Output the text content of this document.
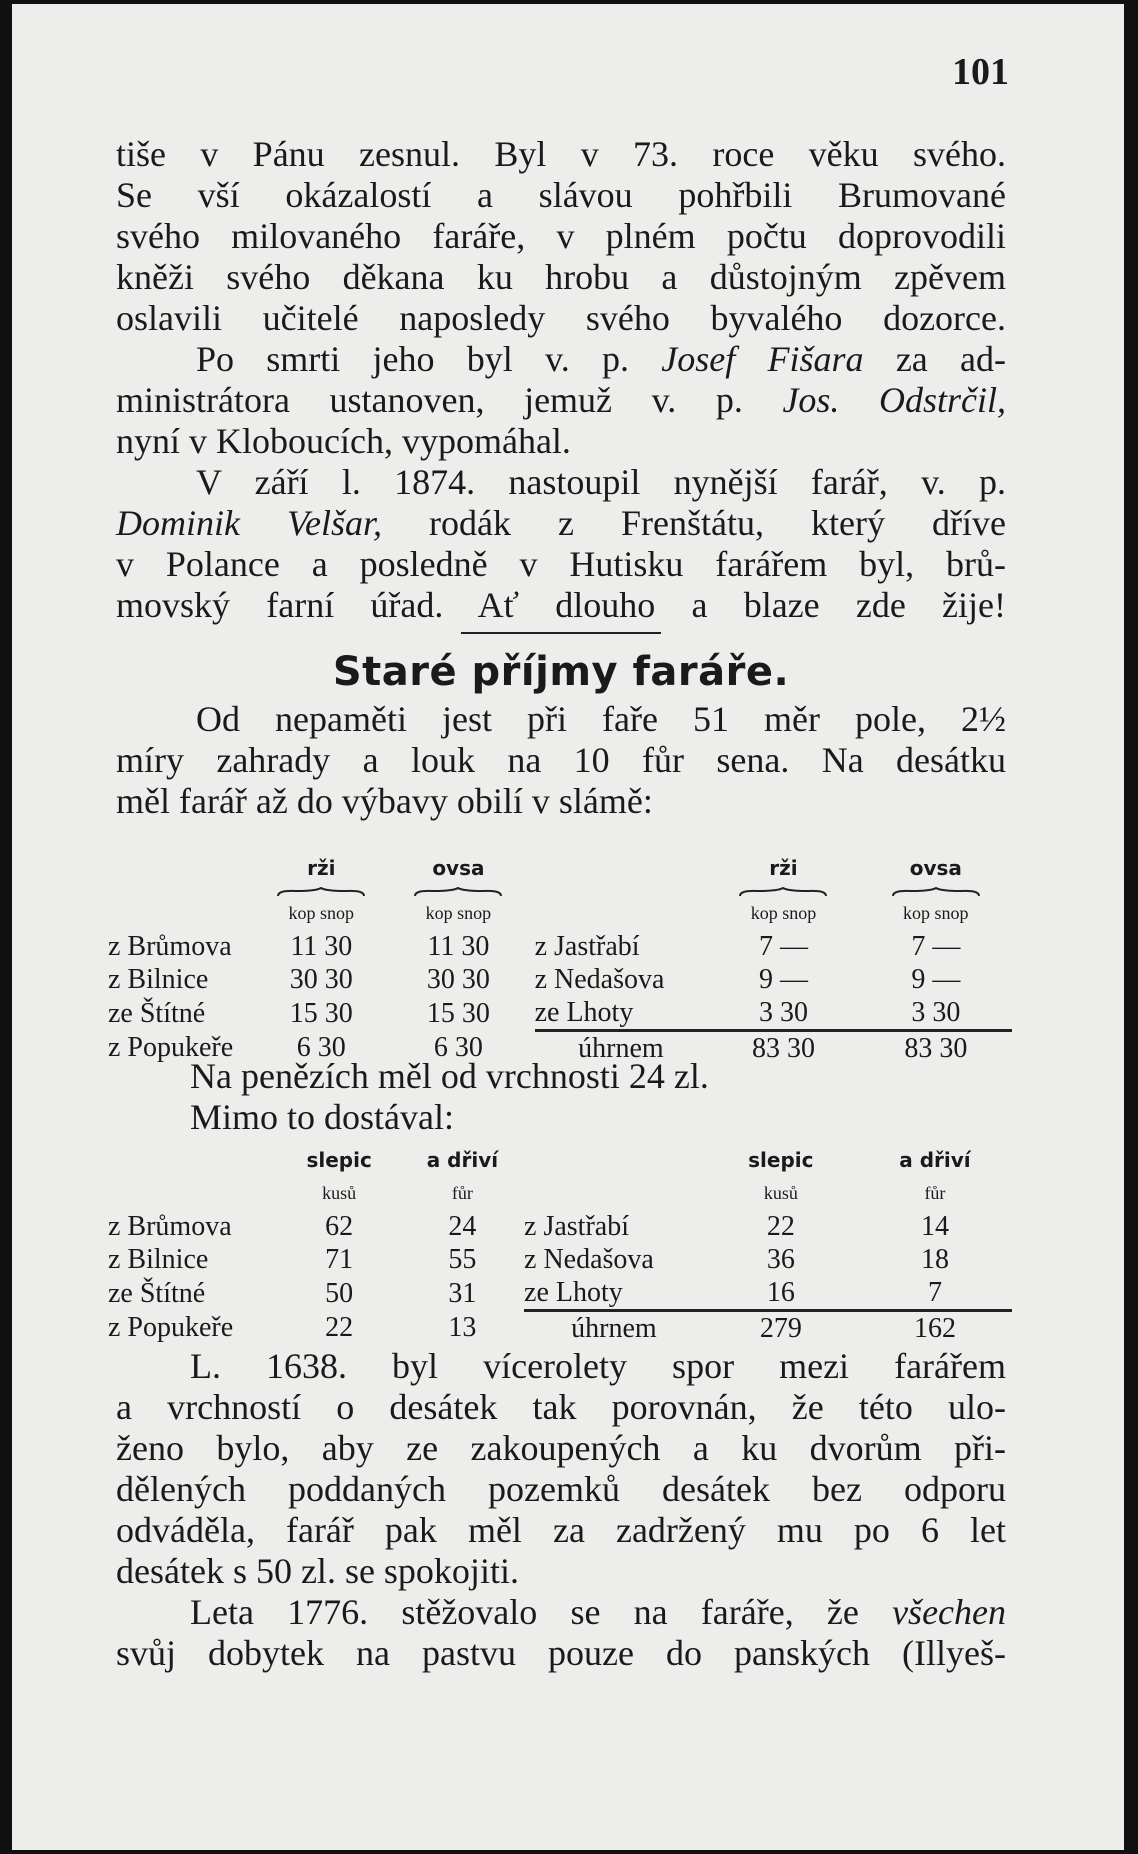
101
tiše v Pánu zesnul. Byl v 73. roce věku svého.
Se vší okázalostí a slávou pohřbili Brumované
svého milovaného faráře, v plném počtu doprovodili
kněži svého děkana ku hrobu a důstojným zpěvem
oslavili učitelé naposledy svého byvalého dozorce.
Po smrti jeho byl v. p. Josef Fišara za ad-
ministrátora ustanoven, jemuž v. p. Jos. Odstrčil,
nyní v Kloboucích, vypomáhal.
V září l. 1874. nastoupil nynější farář, v. p.
Dominik Velšar, rodák z Frenštátu, který dříve
v Polance a posledně v Hutisku farářem byl, brů-
movský farní úřad. Ať dlouho a blaze zde žije!
Staré příjmy faráře.
Od nepaměti jest při faře 51 měr pole, 2½
míry zahrady a louk na 10 fůr sena. Na desátku
měl farář až do výbavy obilí v slámě:
	rži	ovsa		rži	ovsa

	kop snop	kop snop		kop snop	kop snop
z Brůmova	11 30	11 30	z Jastřabí	7 —	7 —
z Bilnice	30 30	30 30	z Nedašova	9 —	9 —
ze Štítné	15 30	15 30	ze Lhoty	3 30	3 30
z Popukeře	6 30	6 30	úhrnem	83 30	83 30
Na penězích měl od vrchnosti 24 zl.
Mimo to dostával:
	slepic	a dřiví		slepic	a dřiví
	kusů	fůr		kusů	fůr
z Brůmova	62	24	z Jastřabí	22	14
z Bilnice	71	55	z Nedašova	36	18
ze Štítné	50	31	ze Lhoty	16	7
z Popukeře	22	13	úhrnem	279	162
L. 1638. byl vícerolety spor mezi farářem
a vrchností o desátek tak porovnán, že této ulo-
ženo bylo, aby ze zakoupených a ku dvorům při-
dělených poddaných pozemků desátek bez odporu
odváděla, farář pak měl za zadržený mu po 6 let
desátek s 50 zl. se spokojiti.
Leta 1776. stěžovalo se na faráře, že všechen
svůj dobytek na pastvu pouze do panských (Illyeš-
